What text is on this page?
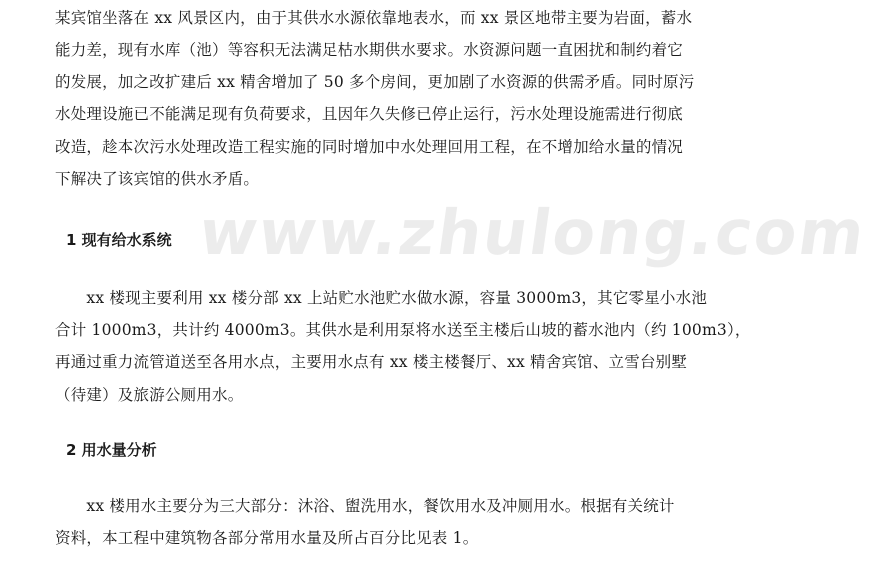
www.zhulong.com
某宾馆坐落在 xx 风景区内，由于其供水水源依靠地表水，而 xx 景区地带主要为岩面，蓄水
能力差，现有水库（池）等容积无法满足枯水期供水要求。水资源问题一直困扰和制约着它
的发展，加之改扩建后 xx 精舍增加了 50 多个房间，更加剧了水资源的供需矛盾。同时原污
水处理设施已不能满足现有负荷要求，且因年久失修已停止运行，污水处理设施需进行彻底
改造，趁本次污水处理改造工程实施的同时增加中水处理回用工程，在不增加给水量的情况
下解决了该宾馆的供水矛盾。
1 现有给水系统
　　xx 楼现主要利用 xx 楼分部 xx 上站贮水池贮水做水源，容量 3000m3，其它零星小水池
合计 1000m3，共计约 4000m3。其供水是利用泵将水送至主楼后山坡的蓄水池内（约 100m3），
再通过重力流管道送至各用水点，主要用水点有 xx 楼主楼餐厅、xx 精舍宾馆、立雪台别墅
（待建）及旅游公厕用水。
2 用水量分析
　　xx 楼用水主要分为三大部分：沐浴、盥洗用水，餐饮用水及冲厕用水。根据有关统计
资料，本工程中建筑物各部分常用水量及所占百分比见表 1。
